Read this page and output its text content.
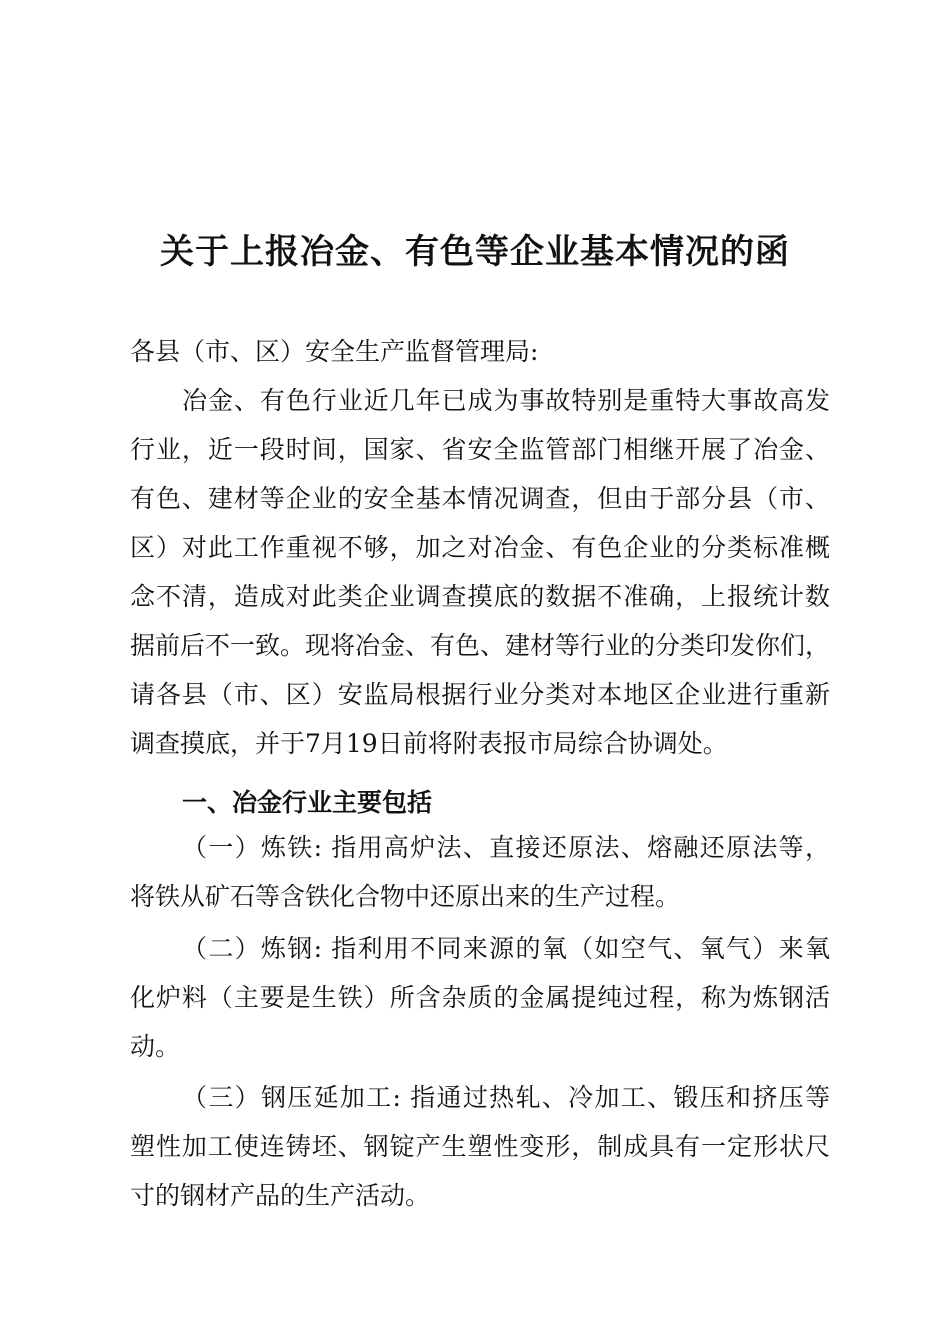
关于上报冶金、有色等企业基本情况的函
各县（市、区）安全生产监督管理局:
冶金、有色行业近几年已成为事故特别是重特大事故高发
行业，近一段时间，国家、省安全监管部门相继开展了冶金、
有色、建材等企业的安全基本情况调查，但由于部分县（市、
区）对此工作重视不够，加之对冶金、有色企业的分类标准概
念不清，造成对此类企业调查摸底的数据不准确，上报统计数
据前后不一致。现将冶金、有色、建材等行业的分类印发你们，
请各县（市、区）安监局根据行业分类对本地区企业进行重新
调查摸底，并于7月19日前将附表报市局综合协调处。
一、冶金行业主要包括
（一）炼铁: 指用高炉法、直接还原法、熔融还原法等，
将铁从矿石等含铁化合物中还原出来的生产过程。
（二）炼钢: 指利用不同来源的氧（如空气、氧气）来氧
化炉料（主要是生铁）所含杂质的金属提纯过程，称为炼钢活
动。
（三）钢压延加工: 指通过热轧、冷加工、锻压和挤压等
塑性加工使连铸坯、钢锭产生塑性变形，制成具有一定形状尺
寸的钢材产品的生产活动。
